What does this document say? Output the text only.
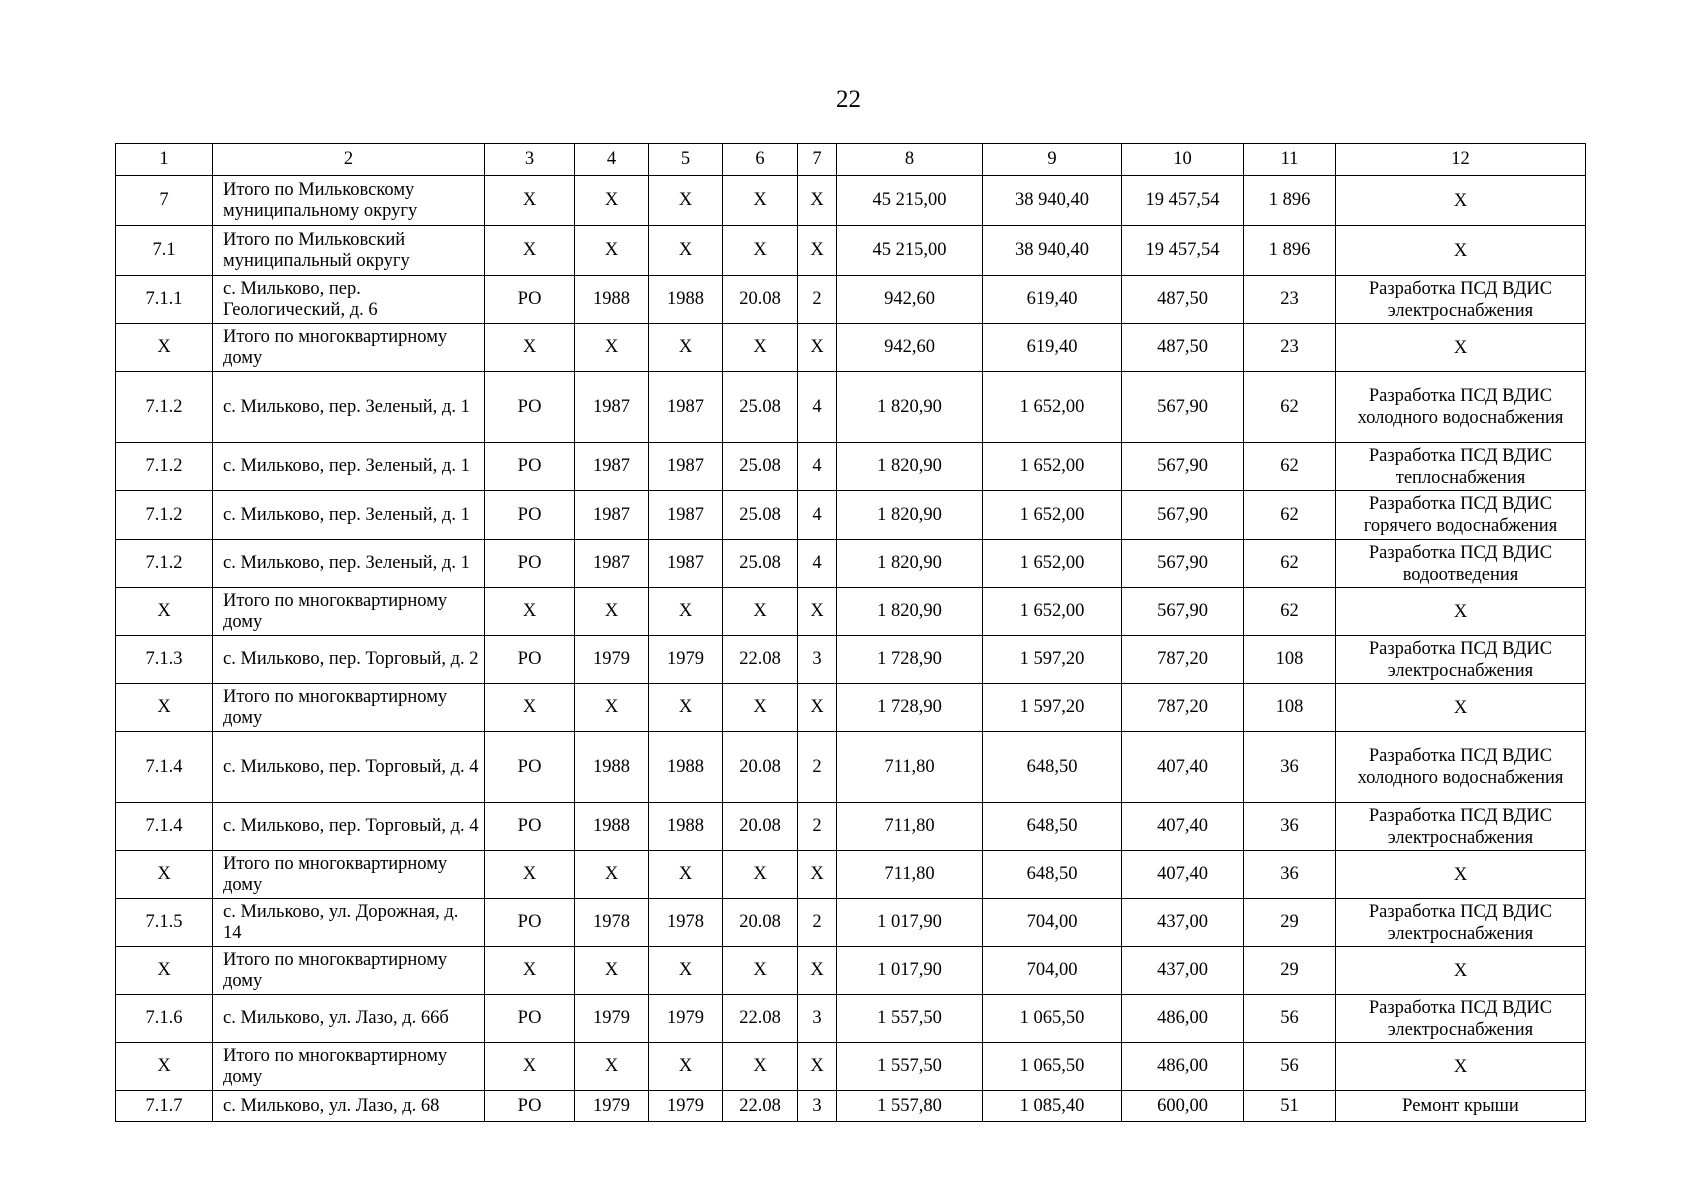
22
1	2	3	4	5	6	7	8	9	10	11	12
7	Итого по Мильковскому муниципальному округу	Х	Х	Х	Х	Х	45 215,00	38 940,40	19 457,54	1 896	Х
7.1	Итого по Мильковский муниципальный округу	Х	Х	Х	Х	Х	45 215,00	38 940,40	19 457,54	1 896	Х
7.1.1	с. Мильково, пер. Геологический, д. 6	РО	1988	1988	20.08	2	942,60	619,40	487,50	23	Разработка ПСД ВДИС электроснабжения
Х	Итого по многоквартирному дому	Х	Х	Х	Х	Х	942,60	619,40	487,50	23	Х
7.1.2	с. Мильково, пер. Зеленый, д. 1	РО	1987	1987	25.08	4	1 820,90	1 652,00	567,90	62	Разработка ПСД ВДИС холодного водоснабжения
7.1.2	с. Мильково, пер. Зеленый, д. 1	РО	1987	1987	25.08	4	1 820,90	1 652,00	567,90	62	Разработка ПСД ВДИС теплоснабжения
7.1.2	с. Мильково, пер. Зеленый, д. 1	РО	1987	1987	25.08	4	1 820,90	1 652,00	567,90	62	Разработка ПСД ВДИС горячего водоснабжения
7.1.2	с. Мильково, пер. Зеленый, д. 1	РО	1987	1987	25.08	4	1 820,90	1 652,00	567,90	62	Разработка ПСД ВДИС водоотведения
Х	Итого по многоквартирному дому	Х	Х	Х	Х	Х	1 820,90	1 652,00	567,90	62	Х
7.1.3	с. Мильково, пер. Торговый, д. 2	РО	1979	1979	22.08	3	1 728,90	1 597,20	787,20	108	Разработка ПСД ВДИС электроснабжения
Х	Итого по многоквартирному дому	Х	Х	Х	Х	Х	1 728,90	1 597,20	787,20	108	Х
7.1.4	с. Мильково, пер. Торговый, д. 4	РО	1988	1988	20.08	2	711,80	648,50	407,40	36	Разработка ПСД ВДИС холодного водоснабжения
7.1.4	с. Мильково, пер. Торговый, д. 4	РО	1988	1988	20.08	2	711,80	648,50	407,40	36	Разработка ПСД ВДИС электроснабжения
Х	Итого по многоквартирному дому	Х	Х	Х	Х	Х	711,80	648,50	407,40	36	Х
7.1.5	с. Мильково, ул. Дорожная, д. 14	РО	1978	1978	20.08	2	1 017,90	704,00	437,00	29	Разработка ПСД ВДИС электроснабжения
Х	Итого по многоквартирному дому	Х	Х	Х	Х	Х	1 017,90	704,00	437,00	29	Х
7.1.6	с. Мильково, ул. Лазо, д. 66б	РО	1979	1979	22.08	3	1 557,50	1 065,50	486,00	56	Разработка ПСД ВДИС электроснабжения
Х	Итого по многоквартирному дому	Х	Х	Х	Х	Х	1 557,50	1 065,50	486,00	56	Х
7.1.7	с. Мильково, ул. Лазо, д. 68	РО	1979	1979	22.08	3	1 557,80	1 085,40	600,00	51	Ремонт крыши
